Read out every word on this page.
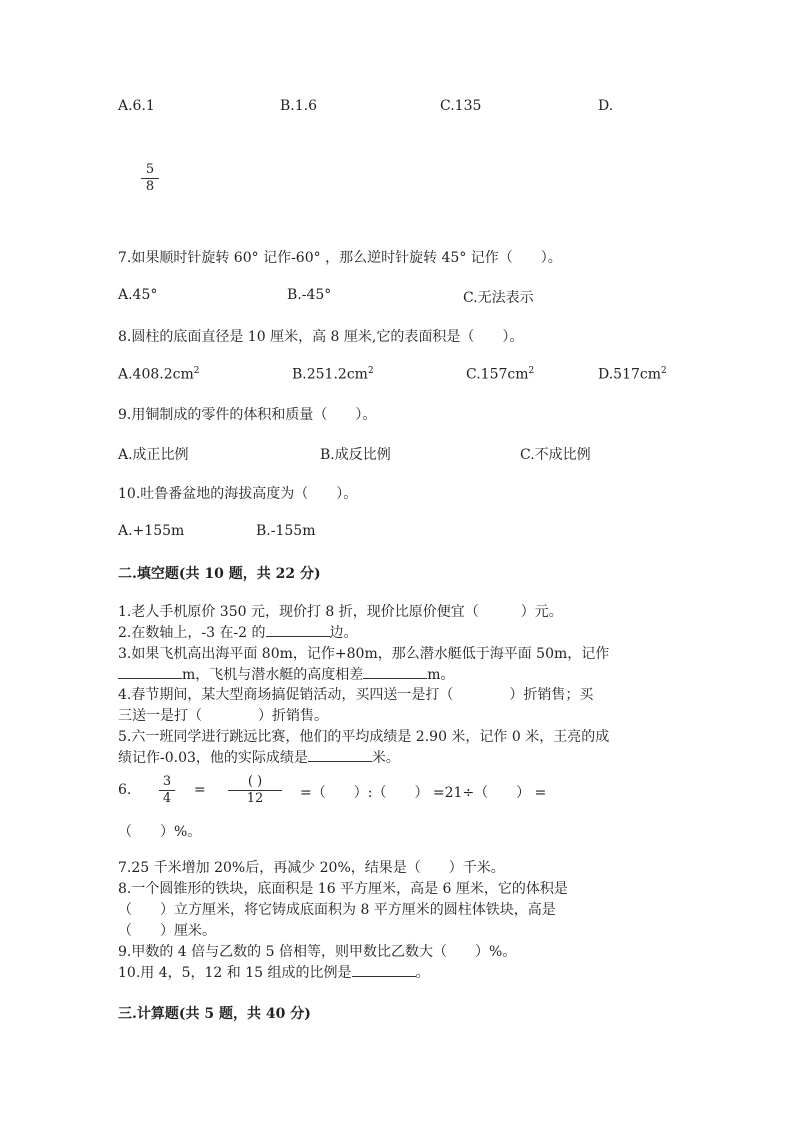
A.6.1	B.1.6	C.135	D.
5
8
7.如果顺时针旋转 60° 记作-60° ，那么逆时针旋转 45° 记作（　　）。
A.45°	B.-45°	C.无法表示
8.圆柱的底面直径是 10 厘米，高 8 厘米,它的表面积是（　　）。
$A.408.2cm^2$	$B.251.2cm^2$	$C.157cm^2$	$D.517cm^2$
9.用铜制成的零件的体积和质量（　　）。
A.成正比例	B.成反比例	C.不成比例
10.吐鲁番盆地的海拔高度为（　　）。
A.+155m	B.-155m
二.填空题(共 10 题，共 22 分)
1.老人手机原价 350 元，现价打 8 折，现价比原价便宜（　　　）元。
2.在数轴上，-3 在-2 的	边。
3.如果飞机高出海平面 80m，记作+80m，那么潜水艇低于海平面 50m，记作
m，飞机与潜水艇的高度相差	m。
4.春节期间，某大型商场搞促销活动，买四送一是打（　　　　）折销售；买
三送一是打（　　　　）折销售。
5.六一班同学进行跳远比赛，他们的平均成绩是 2.90 米，记作 0 米，王亮的成
绩记作-0.03，他的实际成绩是	米。
6.
3
4
=
( )
12	=（　　）:（　　） =21÷（　　） =
（　　）%。
7.25 千米增加 20%后，再减少 20%，结果是（　　）千米。
8.一个圆锥形的铁块，底面积是 16 平方厘米，高是 6 厘米，它的体积是
（　　）立方厘米，将它铸成底面积为 8 平方厘米的圆柱体铁块，高是
（　　）厘米。
9.甲数的 4 倍与乙数的 5 倍相等，则甲数比乙数大（　　）%。
10.用 4，5，12 和 15 组成的比例是	。
三.计算题(共 5 题，共 40 分)
